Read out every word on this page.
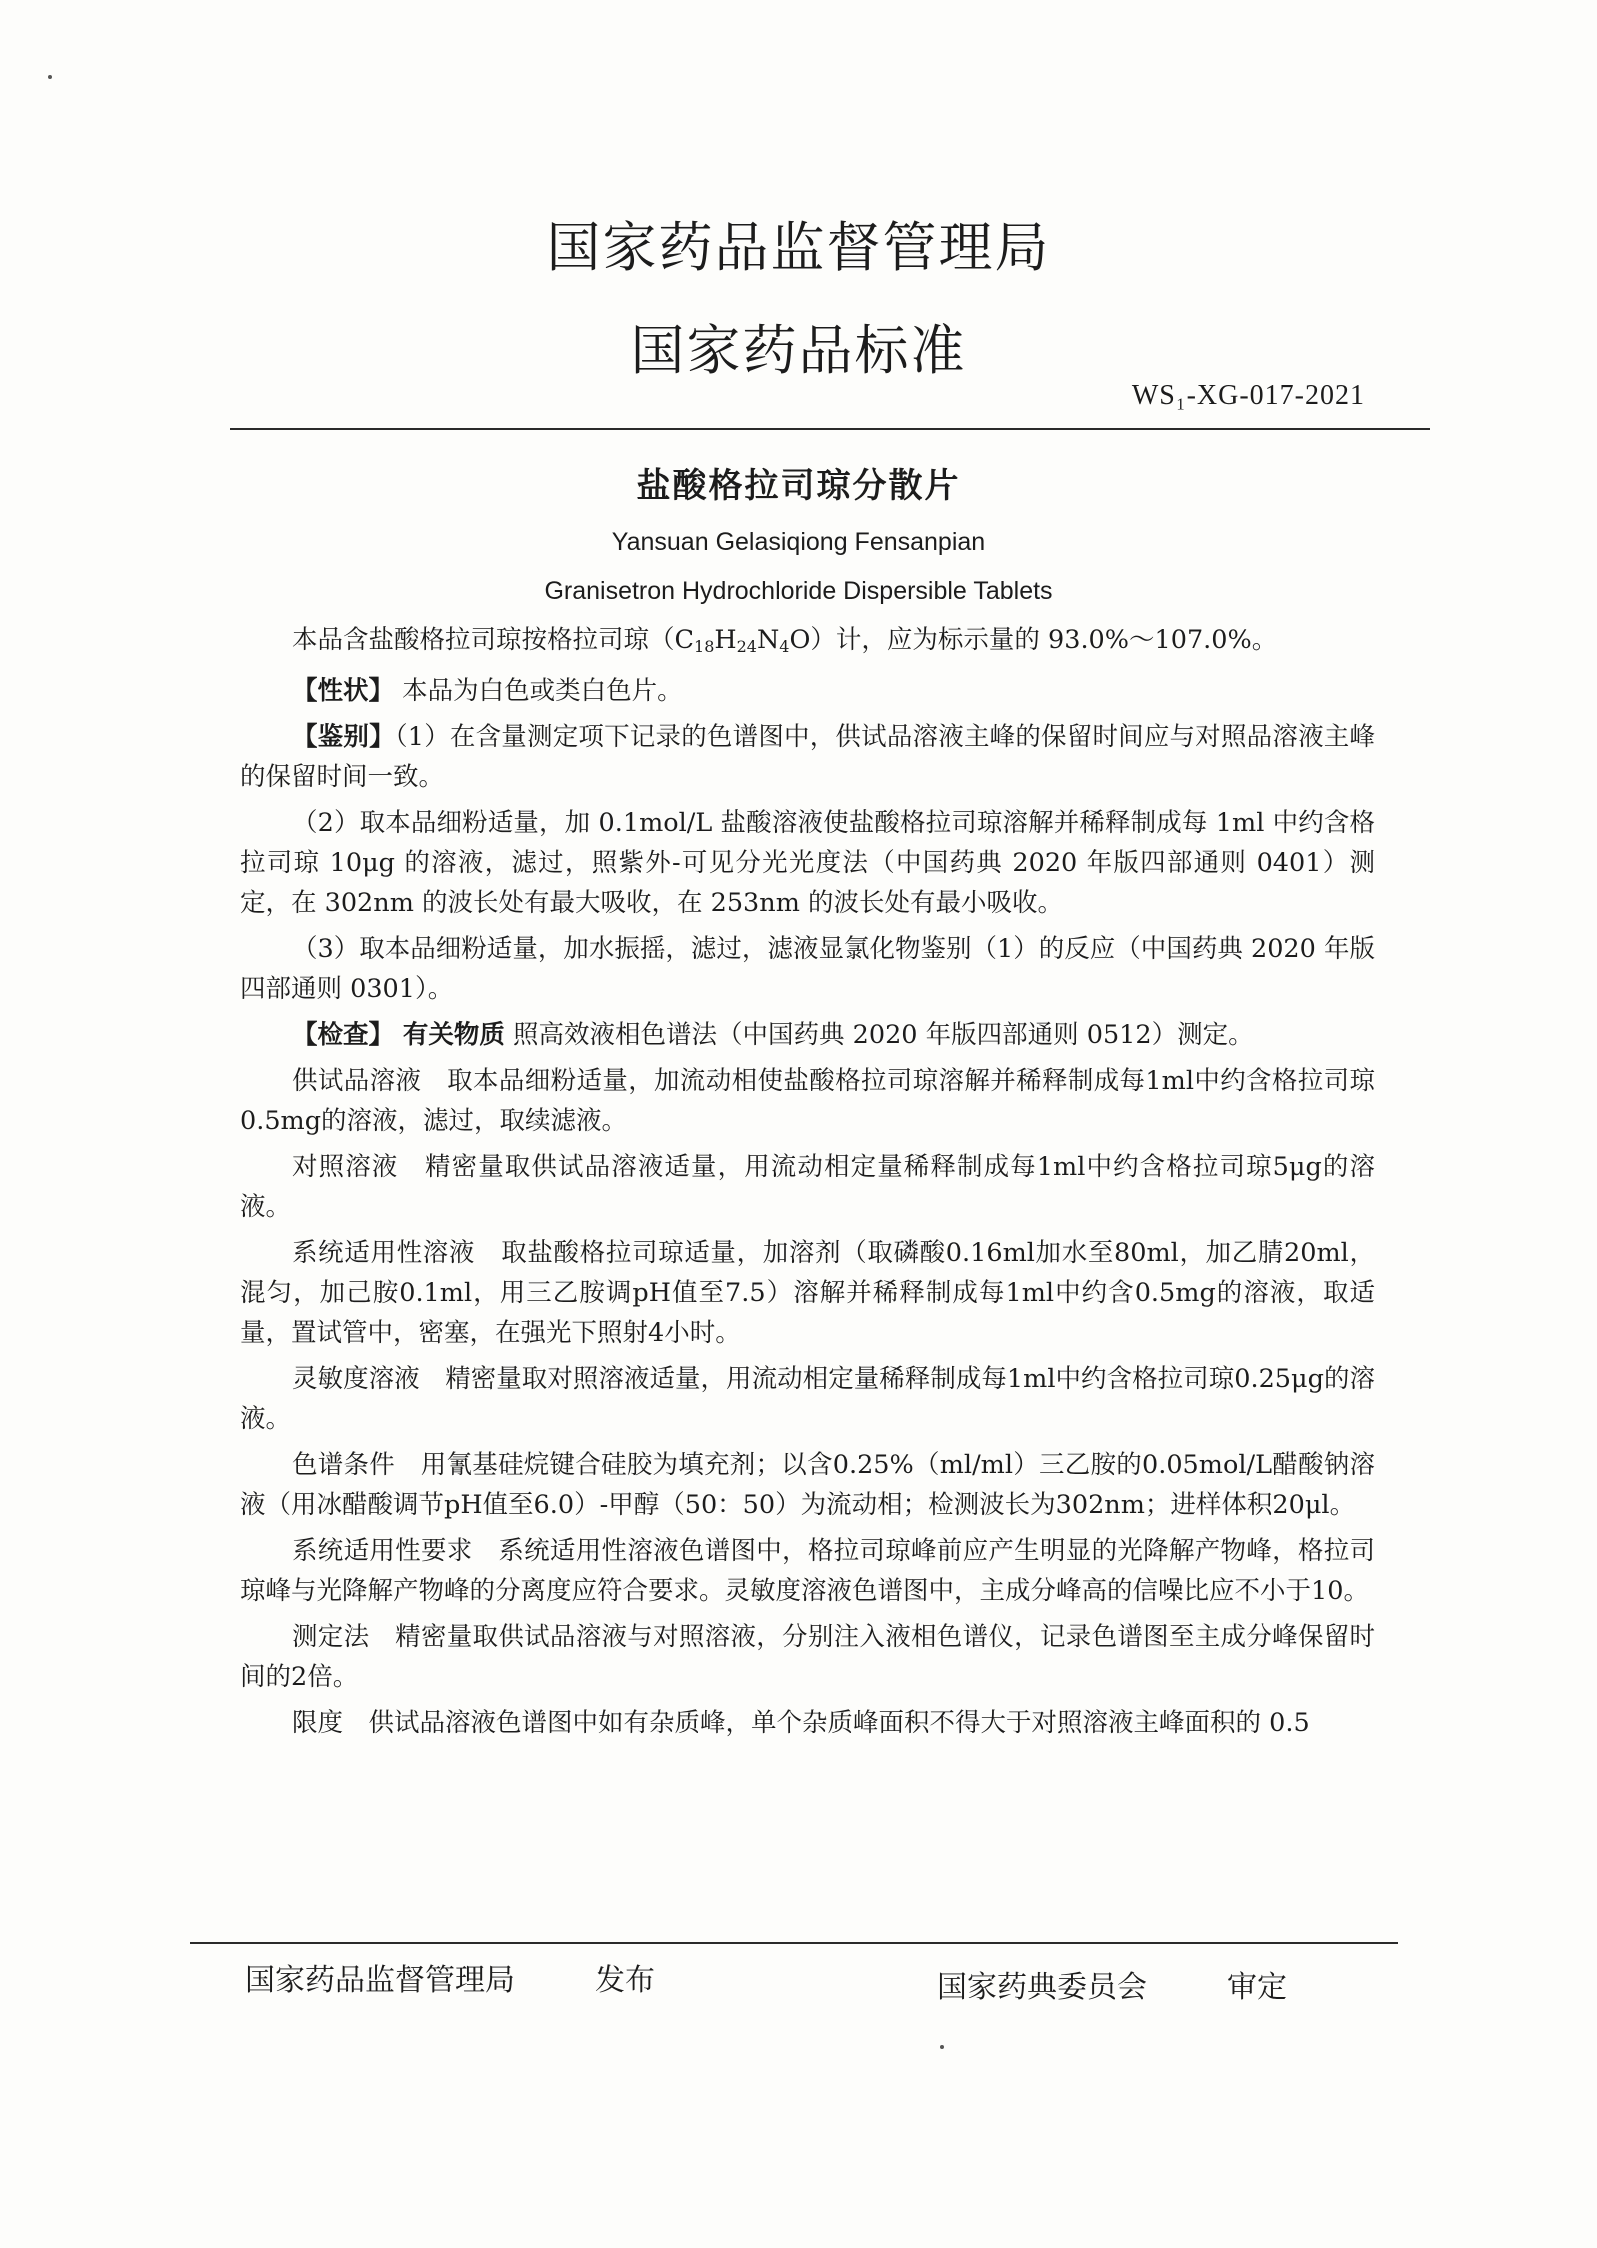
国家药品监督管理局
国家药品标准
WS₁-XG-017-2021
盐酸格拉司琼分散片
Yansuan Gelasiqiong Fensanpian
Granisetron Hydrochloride Dispersible Tablets

本品含盐酸格拉司琼按格拉司琼$(C_{18}H_{24}N_4O)$计，应为标示量的 93.0%～107.0%。

【性状】 本品为白色或类白色片。

【鉴别】（1）在含量测定项下记录的色谱图中，供试品溶液主峰的保留时间应与对照品溶液主峰的保留时间一致。

（2）取本品细粉适量，加 0.1mol/L 盐酸溶液使盐酸格拉司琼溶解并稀释制成每 1ml 中约含格拉司琼 10μg 的溶液，滤过，照紫外-可见分光光度法（中国药典 2020 年版四部通则 0401）测定，在 302nm 的波长处有最大吸收，在 253nm 的波长处有最小吸收。

（3）取本品细粉适量，加水振摇，滤过，滤液显氯化物鉴别（1）的反应（中国药典 2020 年版四部通则 0301）。

【检查】 有关物质 照高效液相色谱法（中国药典 2020 年版四部通则 0512）测定。

供试品溶液　取本品细粉适量，加流动相使盐酸格拉司琼溶解并稀释制成每1ml中约含格拉司琼0.5mg的溶液，滤过，取续滤液。

对照溶液　精密量取供试品溶液适量，用流动相定量稀释制成每1ml中约含格拉司琼5μg的溶液。

系统适用性溶液　取盐酸格拉司琼适量，加溶剂（取磷酸0.16ml加水至80ml，加乙腈20ml，混匀，加己胺0.1ml，用三乙胺调pH值至7.5）溶解并稀释制成每1ml中约含0.5mg的溶液，取适量，置试管中，密塞，在强光下照射4小时。

灵敏度溶液　精密量取对照溶液适量，用流动相定量稀释制成每1ml中约含格拉司琼0.25μg的溶液。

色谱条件　用氰基硅烷键合硅胶为填充剂；以含0.25%（ml/ml）三乙胺的0.05mol/L醋酸钠溶液（用冰醋酸调节pH值至6.0）-甲醇（50：50）为流动相；检测波长为302nm；进样体积20μl。

系统适用性要求　系统适用性溶液色谱图中，格拉司琼峰前应产生明显的光降解产物峰，格拉司琼峰与光降解产物峰的分离度应符合要求。灵敏度溶液色谱图中，主成分峰高的信噪比应不小于10。

测定法　精密量取供试品溶液与对照溶液，分别注入液相色谱仪，记录色谱图至主成分峰保留时间的2倍。

限度　供试品溶液色谱图中如有杂质峰，单个杂质峰面积不得大于对照溶液主峰面积的 0.5

国家药品监督管理局	发布	国家药典委员会	审定
